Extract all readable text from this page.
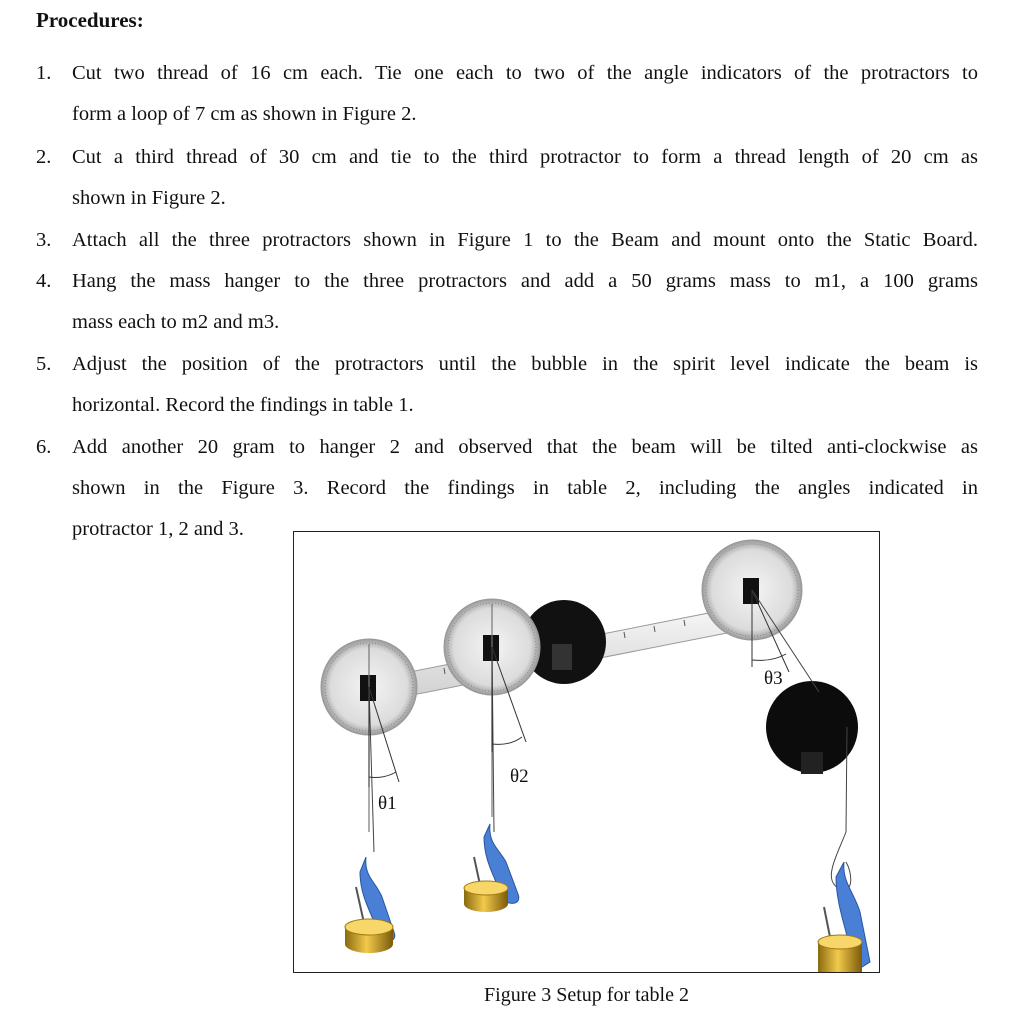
Procedures:
1.	Cut two thread of 16 cm each. Tie one each to two of the angle indicators of the protractors to
form a loop of 7 cm as shown in Figure 2.
2.	Cut a third thread of 30 cm and tie to the third protractor to form a thread length of 20 cm as
shown in Figure 2.
3.	Attach all the three protractors shown in Figure 1 to the Beam and mount onto the Static Board.
4.	Hang the mass hanger to the three protractors and add a 50 grams mass to m1, a 100 grams
mass each to m2 and m3.
5.	Adjust the position of the protractors until the bubble in the spirit level indicate the beam is
horizontal. Record the findings in table 1.
6.	Add another 20 gram to hanger 2 and observed that the beam will be tilted anti-clockwise as
shown in the Figure 3. Record the findings in table 2, including the angles indicated in
protractor 1, 2 and 3.
θ1
θ2
θ3
Figure 3 Setup for table 2
